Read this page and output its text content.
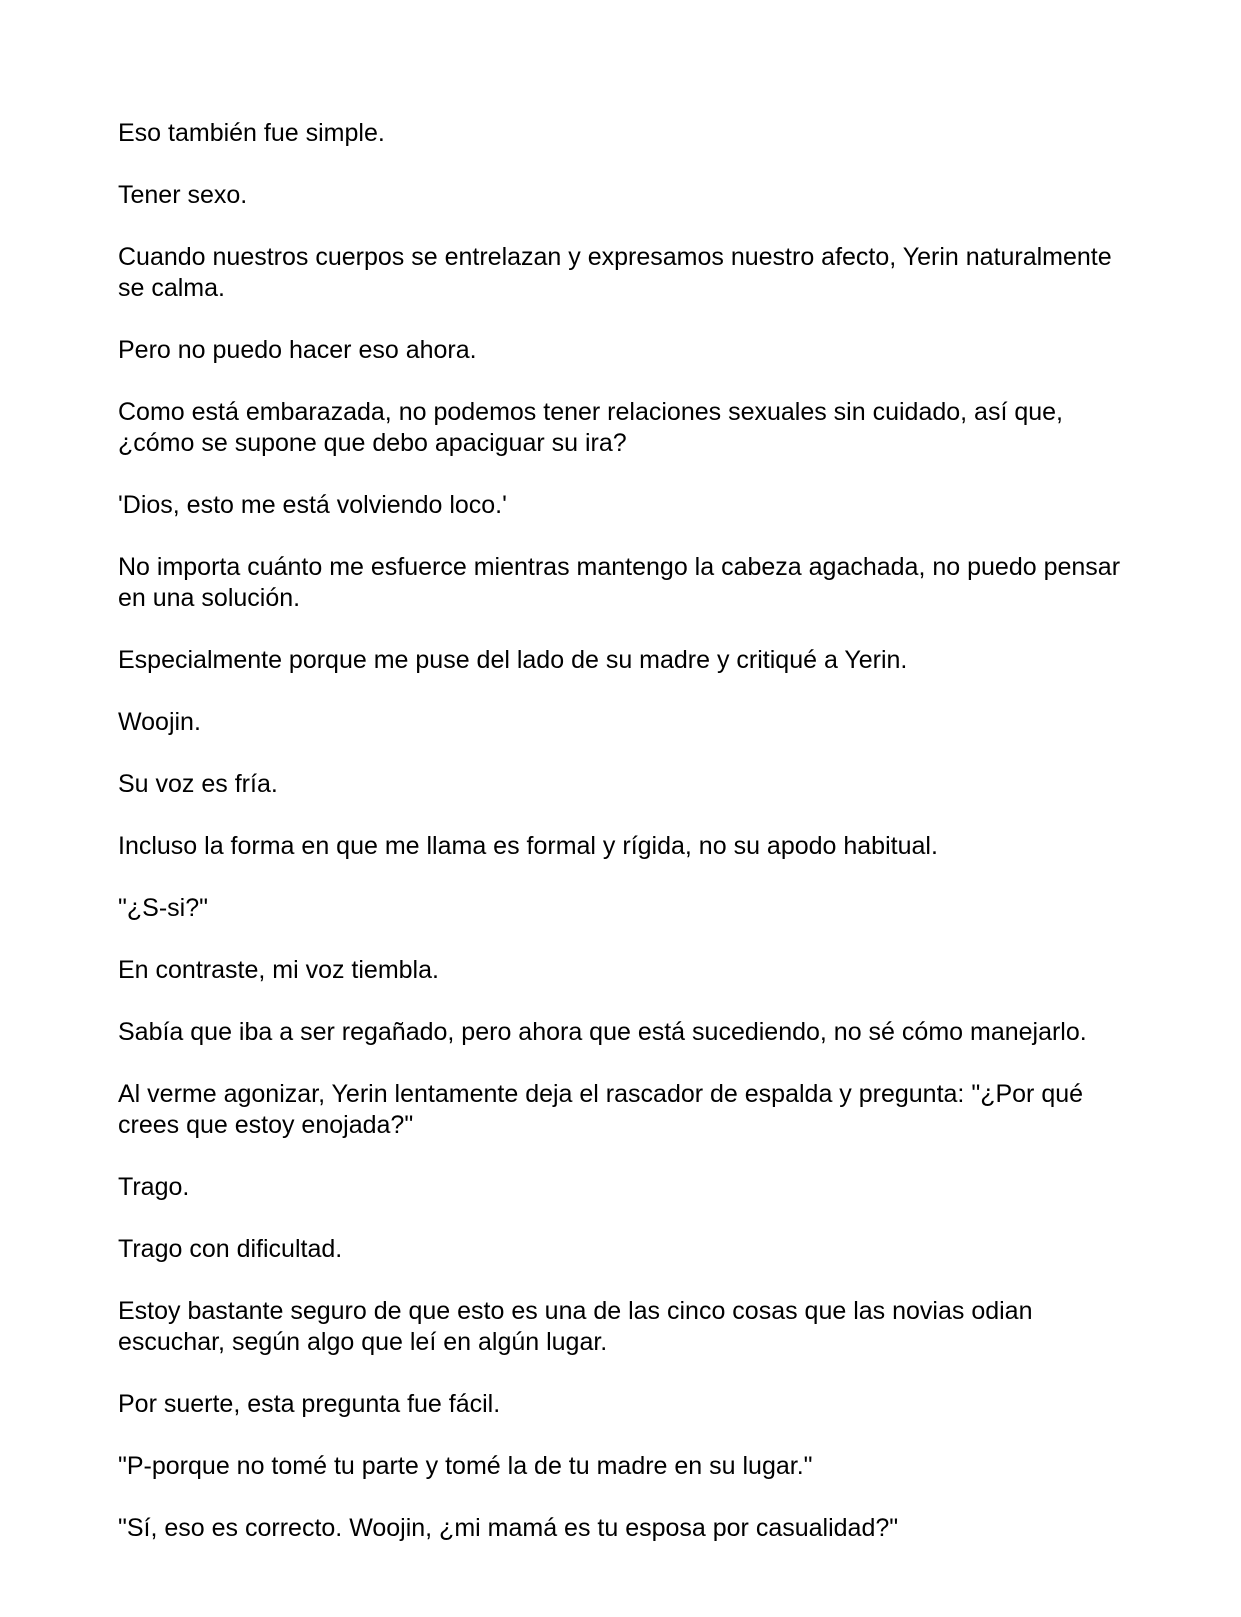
Eso también fue simple.

Tener sexo.

Cuando nuestros cuerpos se entrelazan y expresamos nuestro afecto, Yerin naturalmente se calma.

Pero no puedo hacer eso ahora.

Como está embarazada, no podemos tener relaciones sexuales sin cuidado, así que, ¿cómo se supone que debo apaciguar su ira?

'Dios, esto me está volviendo loco.'

No importa cuánto me esfuerce mientras mantengo la cabeza agachada, no puedo pensar en una solución.

Especialmente porque me puse del lado de su madre y critiqué a Yerin.

Woojin.

Su voz es fría.

Incluso la forma en que me llama es formal y rígida, no su apodo habitual.

"¿S-si?"

En contraste, mi voz tiembla.

Sabía que iba a ser regañado, pero ahora que está sucediendo, no sé cómo manejarlo.

Al verme agonizar, Yerin lentamente deja el rascador de espalda y pregunta: "¿Por qué crees que estoy enojada?"

Trago.

Trago con dificultad.

Estoy bastante seguro de que esto es una de las cinco cosas que las novias odian escuchar, según algo que leí en algún lugar.

Por suerte, esta pregunta fue fácil.

"P-porque no tomé tu parte y tomé la de tu madre en su lugar."

"Sí, eso es correcto. Woojin, ¿mi mamá es tu esposa por casualidad?"
